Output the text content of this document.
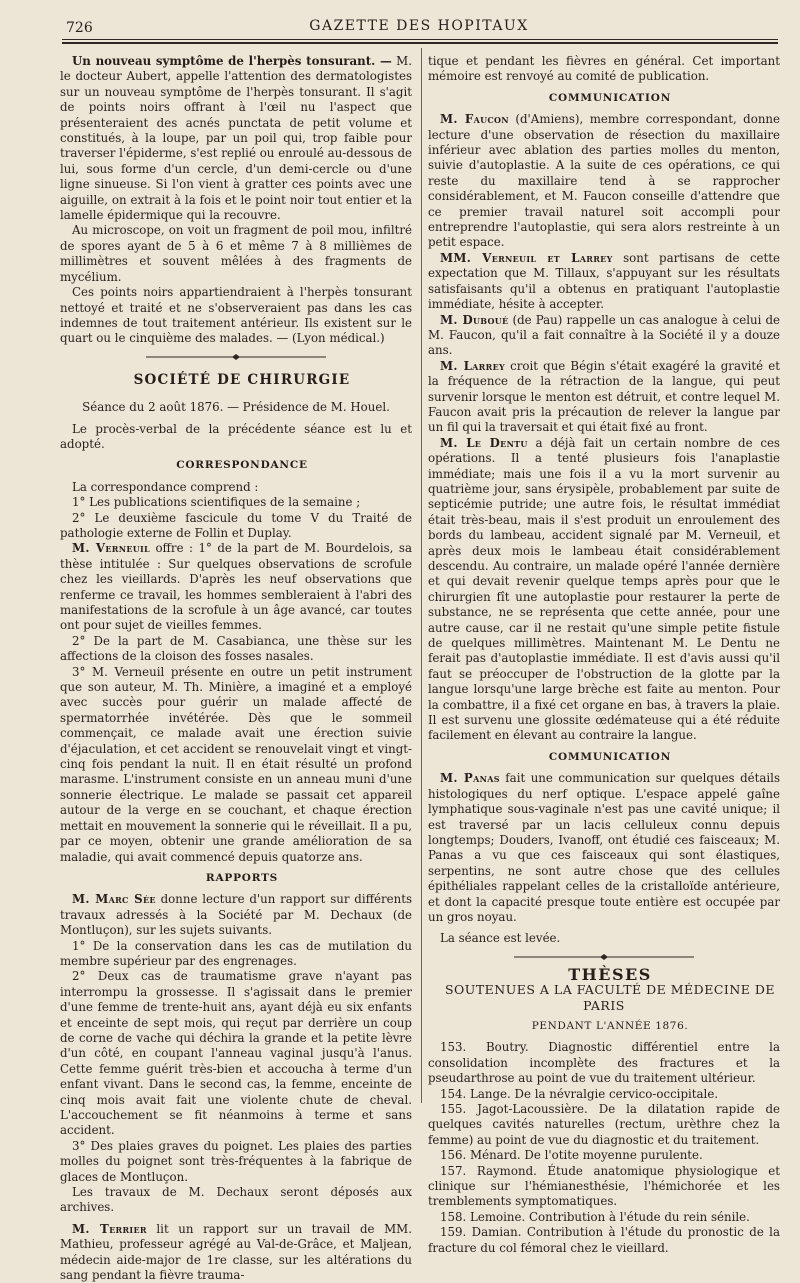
726	GAZETTE DES HOPITAUX

Un nouveau symptôme de l'herpès tonsurant. — M. le docteur Aubert, appelle l'attention des dermatologistes sur un nouveau symptôme de l'herpès tonsurant. Il s'agit de points noirs offrant à l'œil nu l'aspect que présenteraient des acnés punctata de petit volume et constitués, à la loupe, par un poil qui, trop faible pour traverser l'épiderme, s'est replié ou enroulé au-dessous de lui, sous forme d'un cercle, d'un demi-cercle ou d'une ligne sinueuse. Si l'on vient à gratter ces points avec une aiguille, on extrait à la fois et le point noir tout entier et la lamelle épidermique qui la recouvre.

Au microscope, on voit un fragment de poil mou, infiltré de spores ayant de 5 à 6 et même 7 à 8 millièmes de millimètres et souvent mêlées à des fragments de mycélium.

Ces points noirs appartiendraient à l'herpès tonsurant nettoyé et traité et ne s'observeraient pas dans les cas indemnes de tout traitement antérieur. Ils existent sur le quart ou le cinquième des malades. — (Lyon médical.)

SOCIÉTÉ DE CHIRURGIE

Séance du 2 août 1876. — Présidence de M. Houel.

Le procès-verbal de la précédente séance est lu et adopté.

CORRESPONDANCE

La correspondance comprend :

1° Les publications scientifiques de la semaine ;

2° Le deuxième fascicule du tome V du Traité de pathologie externe de Follin et Duplay.

M. Verneuil offre : 1° de la part de M. Bourdelois, sa thèse intitulée : Sur quelques observations de scrofule chez les vieillards. D'après les neuf observations que renferme ce travail, les hommes sembleraient à l'abri des manifestations de la scrofule à un âge avancé, car toutes ont pour sujet de vieilles femmes.

2° De la part de M. Casabianca, une thèse sur les affections de la cloison des fosses nasales.

3° M. Verneuil présente en outre un petit instrument que son auteur, M. Th. Minière, a imaginé et a employé avec succès pour guérir un malade affecté de spermatorrhée invétérée. Dès que le sommeil commençait, ce malade avait une érection suivie d'éjaculation, et cet accident se renouvelait vingt et vingt-cinq fois pendant la nuit. Il en était résulté un profond marasme. L'instrument consiste en un anneau muni d'une sonnerie électrique. Le malade se passait cet appareil autour de la verge en se couchant, et chaque érection mettait en mouvement la sonnerie qui le réveillait. Il a pu, par ce moyen, obtenir une grande amélioration de sa maladie, qui avait commencé depuis quatorze ans.

RAPPORTS

M. Marc Sée donne lecture d'un rapport sur différents travaux adressés à la Société par M. Dechaux (de Montluçon), sur les sujets suivants.

1° De la conservation dans les cas de mutilation du membre supérieur par des engrenages.

2° Deux cas de traumatisme grave n'ayant pas interrompu la grossesse. Il s'agissait dans le premier d'une femme de trente-huit ans, ayant déjà eu six enfants et enceinte de sept mois, qui reçut par derrière un coup de corne de vache qui déchira la grande et la petite lèvre d'un côté, en coupant l'anneau vaginal jusqu'à l'anus. Cette femme guérit très-bien et accoucha à terme d'un enfant vivant. Dans le second cas, la femme, enceinte de cinq mois avait fait une violente chute de cheval. L'accouchement se fit néanmoins à terme et sans accident.

3° Des plaies graves du poignet. Les plaies des parties molles du poignet sont très-fréquentes à la fabrique de glaces de Montluçon.

Les travaux de M. Dechaux seront déposés aux archives.

M. Terrier lit un rapport sur un travail de MM. Mathieu, professeur agrégé au Val-de-Grâce, et Maljean, médecin aide-major de 1re classe, sur les altérations du sang pendant la fièvre trauma-

tique et pendant les fièvres en général. Cet important mémoire est renvoyé au comité de publication.

COMMUNICATION

M. Faucon (d'Amiens), membre correspondant, donne lecture d'une observation de résection du maxillaire inférieur avec ablation des parties molles du menton, suivie d'autoplastie. A la suite de ces opérations, ce qui reste du maxillaire tend à se rapprocher considérablement, et M. Faucon conseille d'attendre que ce premier travail naturel soit accompli pour entreprendre l'autoplastie, qui sera alors restreinte à un petit espace.

MM. Verneuil et Larrey sont partisans de cette expectation que M. Tillaux, s'appuyant sur les résultats satisfaisants qu'il a obtenus en pratiquant l'autoplastie immédiate, hésite à accepter.

M. Duboué (de Pau) rappelle un cas analogue à celui de M. Faucon, qu'il a fait connaître à la Société il y a douze ans.

M. Larrey croit que Bégin s'était exagéré la gravité et la fréquence de la rétraction de la langue, qui peut survenir lorsque le menton est détruit, et contre lequel M. Faucon avait pris la précaution de relever la langue par un fil qui la traversait et qui était fixé au front.

M. Le Dentu a déjà fait un certain nombre de ces opérations. Il a tenté plusieurs fois l'anaplastie immédiate; mais une fois il a vu la mort survenir au quatrième jour, sans érysipèle, probablement par suite de septicémie putride; une autre fois, le résultat immédiat était très-beau, mais il s'est produit un enroulement des bords du lambeau, accident signalé par M. Verneuil, et après deux mois le lambeau était considérablement descendu. Au contraire, un malade opéré l'année dernière et qui devait revenir quelque temps après pour que le chirurgien fît une autoplastie pour restaurer la perte de substance, ne se représenta que cette année, pour une autre cause, car il ne restait qu'une simple petite fistule de quelques millimètres. Maintenant M. Le Dentu ne ferait pas d'autoplastie immédiate. Il est d'avis aussi qu'il faut se préoccuper de l'obstruction de la glotte par la langue lorsqu'une large brèche est faite au menton. Pour la combattre, il a fixé cet organe en bas, à travers la plaie. Il est survenu une glossite œdémateuse qui a été réduite facilement en élevant au contraire la langue.

COMMUNICATION

M. Panas fait une communication sur quelques détails histologiques du nerf optique. L'espace appelé gaîne lymphatique sous-vaginale n'est pas une cavité unique; il est traversé par un lacis celluleux connu depuis longtemps; Douders, Ivanoff, ont étudié ces faisceaux; M. Panas a vu que ces faisceaux qui sont élastiques, serpentins, ne sont autre chose que des cellules épithéliales rappelant celles de la cristalloïde antérieure, et dont la capacité presque toute entière est occupée par un gros noyau.

La séance est levée.

THÈSES

SOUTENUES A LA FACULTÉ DE MÉDECINE DE PARIS

PENDANT L'ANNÉE 1876.

153. Boutry. Diagnostic différentiel entre la consolidation incomplète des fractures et la pseudarthrose au point de vue du traitement ultérieur.

154. Lange. De la névralgie cervico-occipitale.

155. Jagot-Lacoussière. De la dilatation rapide de quelques cavités naturelles (rectum, urèthre chez la femme) au point de vue du diagnostic et du traitement.

156. Ménard. De l'otite moyenne purulente.

157. Raymond. Étude anatomique physiologique et clinique sur l'hémianesthésie, l'hémichorée et les tremblements symptomatiques.

158. Lemoine. Contribution à l'étude du rein sénile.

159. Damian. Contribution à l'étude du pronostic de la fracture du col fémoral chez le vieillard.
